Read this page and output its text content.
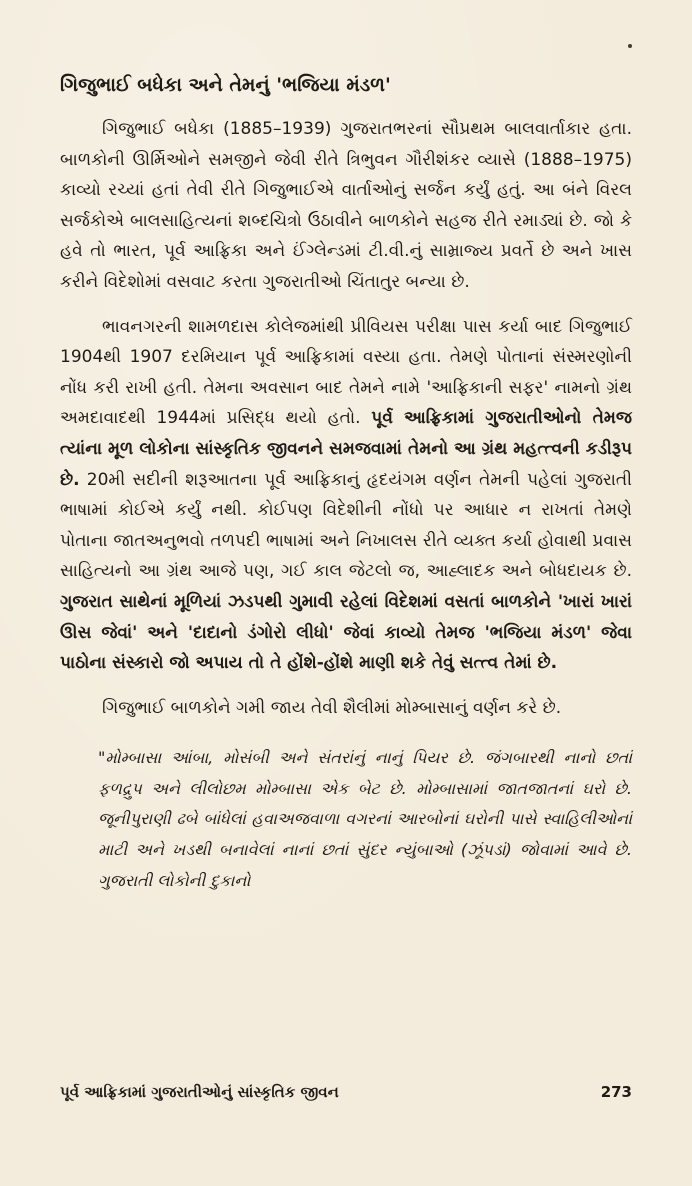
ગિજુભાઈ બધેકા અને તેમનું 'ભજિયા મંડળ'

ગિજુભાઈ બધેકા (1885–1939) ગુજરાતભરનાં સૌપ્રથમ બાલવાર્તાકાર હતા. બાળકોની ઊર્મિઓને સમજીને જેવી રીતે ત્રિભુવન ગૌરીશંકર વ્યાસે (1888–1975) કાવ્યો રચ્યાં હતાં તેવી રીતે ગિજુભાઈએ વાર્તાઓનું સર્જન કર્યું હતું. આ બંને વિરલ સર્જકોએ બાલસાહિત્યનાં શબ્દચિત્રો ઉઠાવીને બાળકોને સહજ રીતે રમાડ્યાં છે. જો કે હવે તો ભારત, પૂર્વ આફ્રિકા અને ઈંગ્લેન્ડમાં ટી.વી.નું સામ્રાજ્ય પ્રવર્તે છે અને ખાસ કરીને વિદેશોમાં વસવાટ કરતા ગુજરાતીઓ ચિંતાતુર બન્યા છે.

ભાવનગરની શામળદાસ કોલેજમાંથી પ્રીવિયસ પરીક્ષા પાસ કર્યા બાદ ગિજુભાઈ 1904થી 1907 દરમિયાન પૂર્વ આફ્રિકામાં વસ્યા હતા. તેમણે પોતાનાં સંસ્મરણોની નોંધ કરી રાખી હતી. તેમના અવસાન બાદ તેમને નામે 'આફ્રિકાની સફર' નામનો ગ્રંથ અમદાવાદથી 1944માં પ્રસિદ્ધ થયો હતો. પૂર્વ આફ્રિકામાં ગુજરાતીઓનો તેમજ ત્યાંના મૂળ લોકોના સાંસ્કૃતિક જીવનને સમજવામાં તેમનો આ ગ્રંથ મહત્ત્વની કડીરૂપ છે. 20મી સદીની શરૂઆતના પૂર્વ આફ્રિકાનું હૃદયંગમ વર્ણન તેમની પહેલાં ગુજરાતી ભાષામાં કોઈએ કર્યું નથી. કોઈપણ વિદેશીની નોંધો પર આધાર ન રાખતાં તેમણે પોતાના જાતઅનુભવો તળપદી ભાષામાં અને નિખાલસ રીતે વ્યક્ત કર્યા હોવાથી પ્રવાસ સાહિત્યનો આ ગ્રંથ આજે પણ, ગઈ કાલ જેટલો જ, આહ્લાદક અને બોધદાયક છે. ગુજરાત સાથેનાં મૂળિયાં ઝડપથી ગુમાવી રહેલાં વિદેશમાં વસતાં બાળકોને 'ખારાં ખારાં ઊસ જેવાં' અને 'દાદાનો ડંગોરો લીધો' જેવાં કાવ્યો તેમજ 'ભજિયા મંડળ' જેવા પાઠોના સંસ્કારો જો અપાય તો તે હોંશે-હોંશે માણી શકે તેવું સત્ત્વ તેમાં છે.

ગિજુભાઈ બાળકોને ગમી જાય તેવી શૈલીમાં મોમ્બાસાનું વર્ણન કરે છે.

"મોમ્બાસા આંબા, મોસંબી અને સંતરાંનું નાનું પિયર છે. જંગબારથી નાનો છતાં ફળદ્રુપ અને લીલોછમ મોમ્બાસા એક બેટ છે. મોમ્બાસામાં જાતજાતનાં ઘરો છે. જૂનીપુરાણી ઢબે બાંધેલાં હવાઅજવાળા વગરનાં આરબોનાં ઘરોની પાસે સ્વાહિલીઓનાં માટી અને ખડથી બનાવેલાં નાનાં છતાં સુંદર ન્યુંબાઓ (ઝૂંપડાં) જોવામાં આવે છે. ગુજરાતી લોકોની દુકાનો

પૂર્વ આફ્રિકામાં ગુજરાતીઓનું સાંસ્કૃતિક જીવન	273
